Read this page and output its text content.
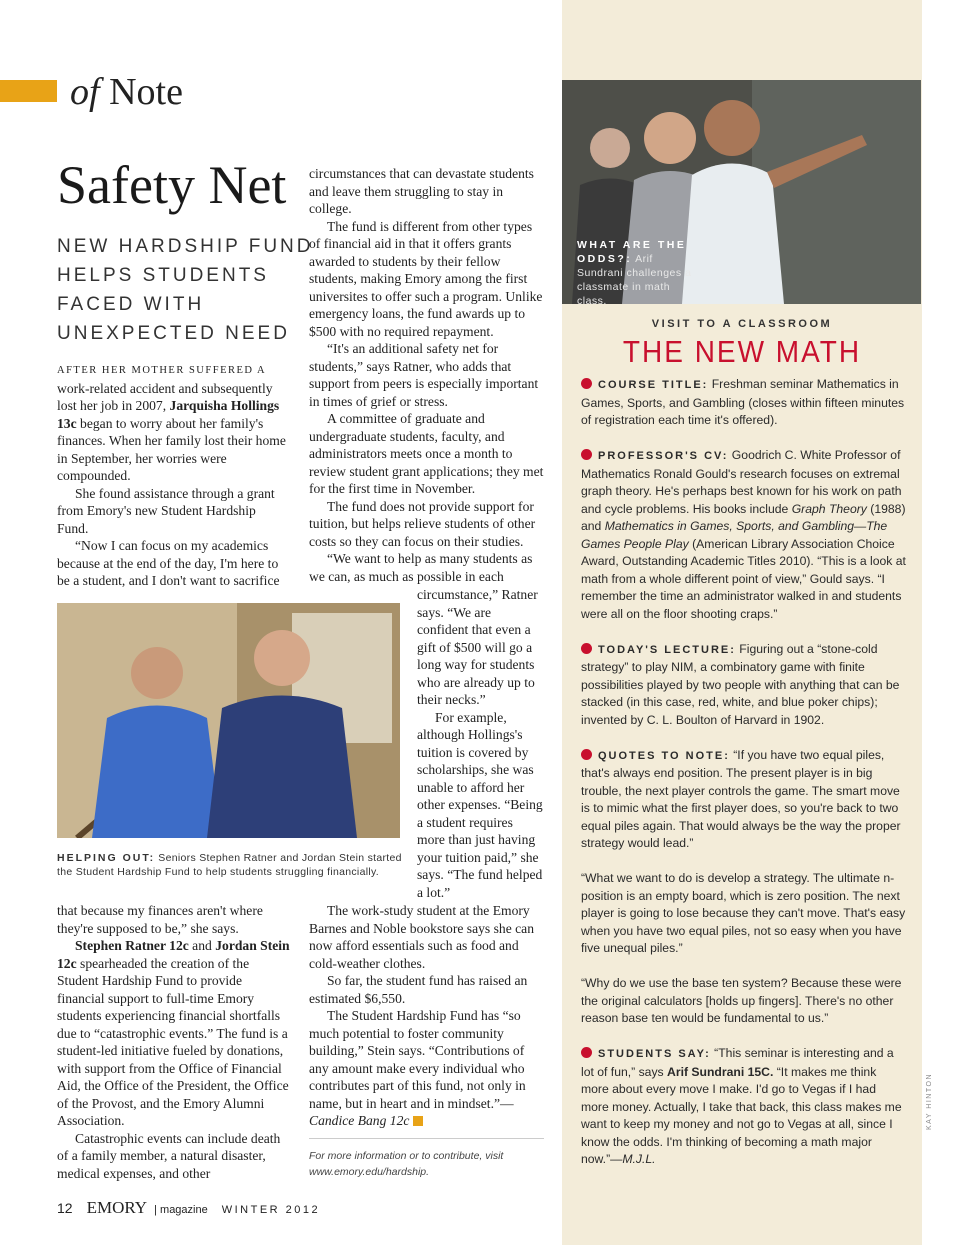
of Note
Safety Net
NEW HARDSHIP FUND
HELPS STUDENTS
FACED WITH
UNEXPECTED NEED

AFTER HER MOTHER SUFFERED A work-related accident and subsequently lost her job in 2007, Jarquisha Hollings 13c began to worry about her family's finances. When her family lost their home in September, her worries were compounded.

She found assistance through a grant from Emory's new Student Hardship Fund.

“Now I can focus on my academics because at the end of the day, I'm here to be a student, and I don't want to sacrifice

circumstances that can devastate students and leave them struggling to stay in college.

The fund is different from other types of financial aid in that it offers grants awarded to students by their fellow students, making Emory among the first universites to offer such a program. Unlike emergency loans, the fund awards up to $500 with no required repayment.

“It's an additional safety net for students,” says Ratner, who adds that support from peers is especially important in times of grief or stress.

A committee of graduate and undergraduate students, faculty, and administrators meets once a month to review student grant applications; they met for the first time in November.

The fund does not provide support for tuition, but helps relieve students of other costs so they can focus on their studies.

“We want to help as many students as we can, as much as possible in each

HELPING OUT: Seniors Stephen Ratner and Jordan Stein started the Student Hardship Fund to help students struggling financially.

circumstance,” Ratner says. “We are confident that even a gift of $500 will go a long way for students who are already up to their necks.”

For example, although Hollings's tuition is covered by scholarships, she was unable to afford her other expenses. “Being a student requires more than just having your tuition paid,” she says. “The fund helped a lot.”

that because my finances aren't where they're supposed to be,” she says.

Stephen Ratner 12c and Jordan Stein 12c spearheaded the creation of the Student Hardship Fund to provide financial support to full-time Emory students experiencing financial shortfalls due to “catastrophic events.” The fund is a student-led initiative fueled by donations, with support from the Office of Financial Aid, the Office of the President, the Office of the Provost, and the Emory Alumni Association.

Catastrophic events can include death of a family member, a natural disaster, medical expenses, and other

The work-study student at the Emory Barnes and Noble bookstore says she can now afford essentials such as food and cold-weather clothes.

So far, the student fund has raised an estimated $6,550.

The Student Hardship Fund has “so much potential to foster community building,” Stein says. “Contributions of any amount make every individual who contributes part of this fund, not only in name, but in heart and in mindset.”—Candice Bang 12c

For more information or to contribute, visit www.emory.edu/hardship.
12 EMORY | magazine WINTER 2012
WHAT ARE THE ODDS?: Arif Sundrani challenges a classmate in math class.
VISIT TO A CLASSROOM
THE NEW MATH
COURSE TITLE: Freshman seminar Mathematics in Games, Sports, and Gambling (closes within fifteen minutes of registration each time it's offered).
PROFESSOR'S CV: Goodrich C. White Professor of Mathematics Ronald Gould's research focuses on extremal graph theory. He's perhaps best known for his work on path and cycle problems. His books include Graph Theory (1988) and Mathematics in Games, Sports, and Gambling—The Games People Play (American Library Association Choice Award, Outstanding Academic Titles 2010). “This is a look at math from a whole different point of view,” Gould says. “I remember the time an administrator walked in and students were all on the floor shooting craps.”
TODAY'S LECTURE: Figuring out a “stone-cold strategy” to play NIM, a combinatory game with finite possibilities played by two people with anything that can be stacked (in this case, red, white, and blue poker chips); invented by C. L. Boulton of Harvard in 1902.
QUOTES TO NOTE: “If you have two equal piles, that's always end position. The present player is in big trouble, the next player controls the game. The smart move is to mimic what the first player does, so you're back to two equal piles again. That would always be the way the proper strategy would lead.”
“What we want to do is develop a strategy. The ultimate n-position is an empty board, which is zero position. The next player is going to lose because they can't move. That's easy when you have two equal piles, not so easy when you have five unequal piles.”
“Why do we use the base ten system? Because these were the original calculators [holds up fingers]. There's no other reason base ten would be fundamental to us.”
STUDENTS SAY: “This seminar is interesting and a lot of fun,” says Arif Sundrani 15C. “It makes me think more about every move I make. I'd go to Vegas if I had more money. Actually, I take that back, this class makes me want to keep my money and not go to Vegas at all, since I know the odds. I'm thinking of becoming a math major now.”—M.J.L.
KAY HINTON
